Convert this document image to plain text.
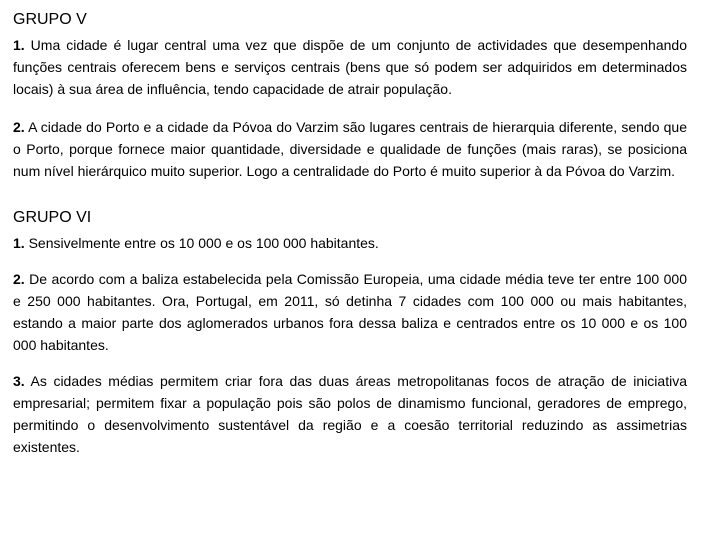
GRUPO V

1. Uma cidade é lugar central uma vez que dispõe de um conjunto de actividades que desempenhando funções centrais oferecem bens e serviços centrais (bens que só podem ser adquiridos em determinados locais) à sua área de influência, tendo capacidade de atrair população.

2. A cidade do Porto e a cidade da Póvoa do Varzim são lugares centrais de hierarquia diferente, sendo que o Porto, porque fornece maior quantidade, diversidade e qualidade de funções (mais raras), se posiciona num nível hierárquico muito superior. Logo a centralidade do Porto é muito superior à da Póvoa do Varzim.

GRUPO VI

1. Sensivelmente entre os 10 000 e os 100 000 habitantes.

2. De acordo com a baliza estabelecida pela Comissão Europeia, uma cidade média teve ter entre 100 000 e 250 000 habitantes. Ora, Portugal, em 2011, só detinha 7 cidades com 100 000 ou mais habitantes, estando a maior parte dos aglomerados urbanos fora dessa baliza e centrados entre os 10 000 e os 100 000 habitantes.

3. As cidades médias permitem criar fora das duas áreas metropolitanas focos de atração de iniciativa empresarial; permitem fixar a população pois são polos de dinamismo funcional, geradores de emprego, permitindo o desenvolvimento sustentável da região e a coesão territorial reduzindo as assimetrias existentes.
